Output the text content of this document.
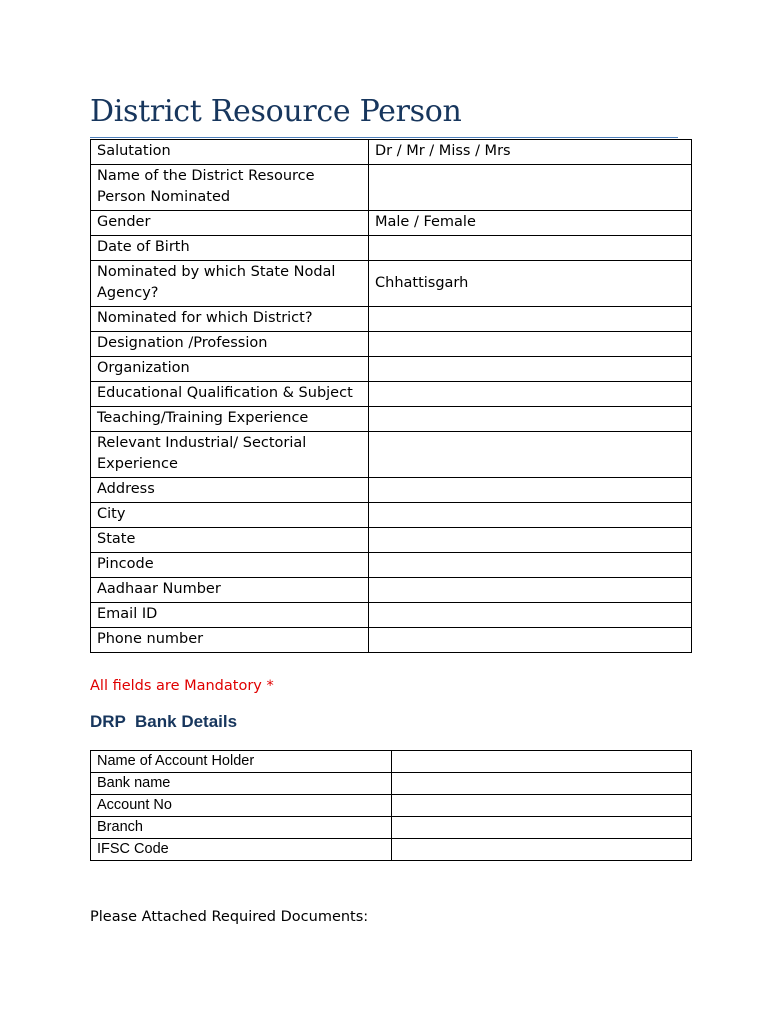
District Resource Person
Salutation	Dr / Mr / Miss / Mrs
Name of the District Resource Person Nominated	
Gender	Male / Female
Date of Birth	
Nominated by which State Nodal Agency?	Chhattisgarh
Nominated for which District?	
Designation /Profession	
Organization	
Educational Qualification & Subject	
Teaching/Training Experience	
Relevant Industrial/ Sectorial Experience	
Address	
City	
State	
Pincode	
Aadhaar Number	
Email ID	
Phone number	
All fields are Mandatory *
DRP  Bank Details
Name of Account Holder	
Bank name	
Account No	
Branch	
IFSC Code	
Please Attached Required Documents:
